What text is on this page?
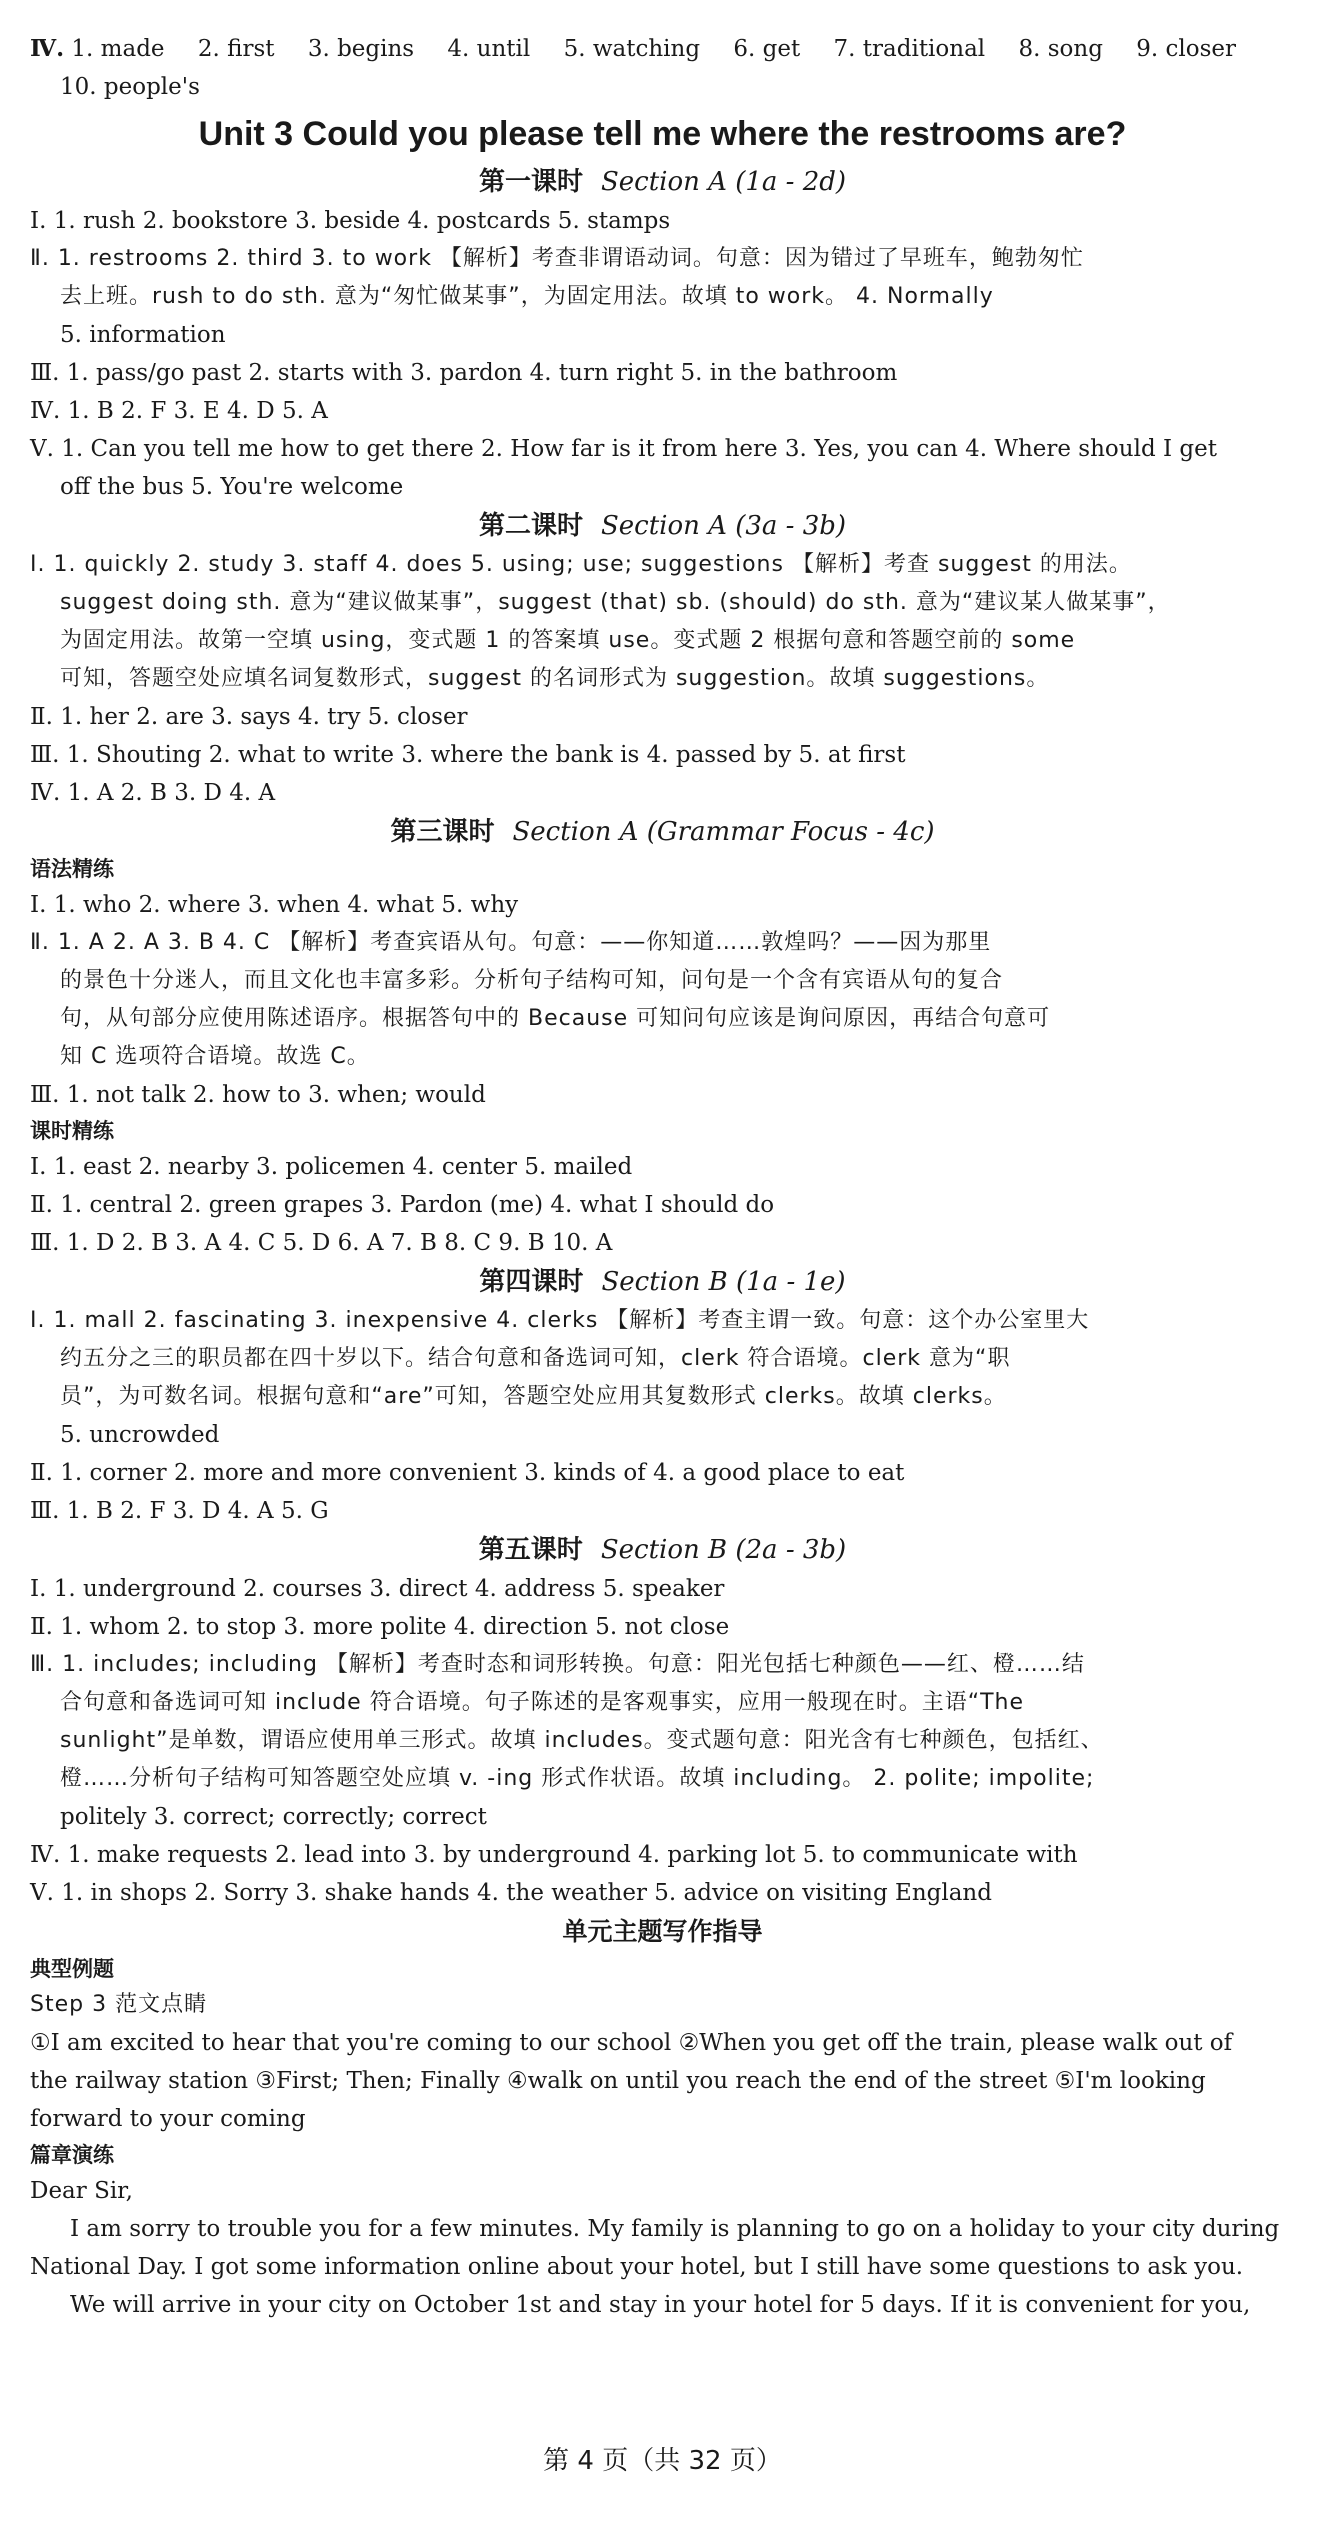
Ⅳ. 1. made 2. first 3. begins 4. until 5. watching 6. get 7. traditional 8. song 9. closer
10. people's
Unit 3 Could you please tell me where the restrooms are?
第一课时 Section A (1a - 2d)
Ⅰ. 1. rush 2. bookstore 3. beside 4. postcards 5. stamps
Ⅱ. 1. restrooms 2. third 3. to work 【解析】考查非谓语动词。句意：因为错过了早班车，鲍勃匆忙
去上班。rush to do sth. 意为“匆忙做某事”，为固定用法。故填 to work。 4. Normally
5. information
Ⅲ. 1. pass/go past 2. starts with 3. pardon 4. turn right 5. in the bathroom
Ⅳ. 1. B 2. F 3. E 4. D 5. A
Ⅴ. 1. Can you tell me how to get there 2. How far is it from here 3. Yes, you can 4. Where should I get
off the bus 5. You're welcome
第二课时 Section A (3a - 3b)
Ⅰ. 1. quickly 2. study 3. staff 4. does 5. using; use; suggestions 【解析】考查 suggest 的用法。
suggest doing sth. 意为“建议做某事”，suggest (that) sb. (should) do sth. 意为“建议某人做某事”，
为固定用法。故第一空填 using，变式题 1 的答案填 use。变式题 2 根据句意和答题空前的 some
可知，答题空处应填名词复数形式，suggest 的名词形式为 suggestion。故填 suggestions。
Ⅱ. 1. her 2. are 3. says 4. try 5. closer
Ⅲ. 1. Shouting 2. what to write 3. where the bank is 4. passed by 5. at first
Ⅳ. 1. A 2. B 3. D 4. A
第三课时 Section A (Grammar Focus - 4c)
语法精练
Ⅰ. 1. who 2. where 3. when 4. what 5. why
Ⅱ. 1. A 2. A 3. B 4. C 【解析】考查宾语从句。句意：——你知道……敦煌吗？——因为那里
的景色十分迷人，而且文化也丰富多彩。分析句子结构可知，问句是一个含有宾语从句的复合
句，从句部分应使用陈述语序。根据答句中的 Because 可知问句应该是询问原因，再结合句意可
知 C 选项符合语境。故选 C。
Ⅲ. 1. not talk 2. how to 3. when; would
课时精练
Ⅰ. 1. east 2. nearby 3. policemen 4. center 5. mailed
Ⅱ. 1. central 2. green grapes 3. Pardon (me) 4. what I should do
Ⅲ. 1. D 2. B 3. A 4. C 5. D 6. A 7. B 8. C 9. B 10. A
第四课时 Section B (1a - 1e)
Ⅰ. 1. mall 2. fascinating 3. inexpensive 4. clerks 【解析】考查主谓一致。句意：这个办公室里大
约五分之三的职员都在四十岁以下。结合句意和备选词可知，clerk 符合语境。clerk 意为“职
员”，为可数名词。根据句意和“are”可知，答题空处应用其复数形式 clerks。故填 clerks。
5. uncrowded
Ⅱ. 1. corner 2. more and more convenient 3. kinds of 4. a good place to eat
Ⅲ. 1. B 2. F 3. D 4. A 5. G
第五课时 Section B (2a - 3b)
Ⅰ. 1. underground 2. courses 3. direct 4. address 5. speaker
Ⅱ. 1. whom 2. to stop 3. more polite 4. direction 5. not close
Ⅲ. 1. includes; including 【解析】考查时态和词形转换。句意：阳光包括七种颜色——红、橙……结
合句意和备选词可知 include 符合语境。句子陈述的是客观事实，应用一般现在时。主语“The
sunlight”是单数，谓语应使用单三形式。故填 includes。变式题句意：阳光含有七种颜色，包括红、
橙……分析句子结构可知答题空处应填 v. -ing 形式作状语。故填 including。 2. polite; impolite;
politely 3. correct; correctly; correct
Ⅳ. 1. make requests 2. lead into 3. by underground 4. parking lot 5. to communicate with
Ⅴ. 1. in shops 2. Sorry 3. shake hands 4. the weather 5. advice on visiting England
单元主题写作指导
典型例题
Step 3 范文点睛
①I am excited to hear that you're coming to our school ②When you get off the train, please walk out of
the railway station ③First; Then; Finally ④walk on until you reach the end of the street ⑤I'm looking
forward to your coming
篇章演练
Dear Sir,
I am sorry to trouble you for a few minutes. My family is planning to go on a holiday to your city during
National Day. I got some information online about your hotel, but I still have some questions to ask you.
We will arrive in your city on October 1st and stay in your hotel for 5 days. If it is convenient for you,
第 4 页（共 32 页）
